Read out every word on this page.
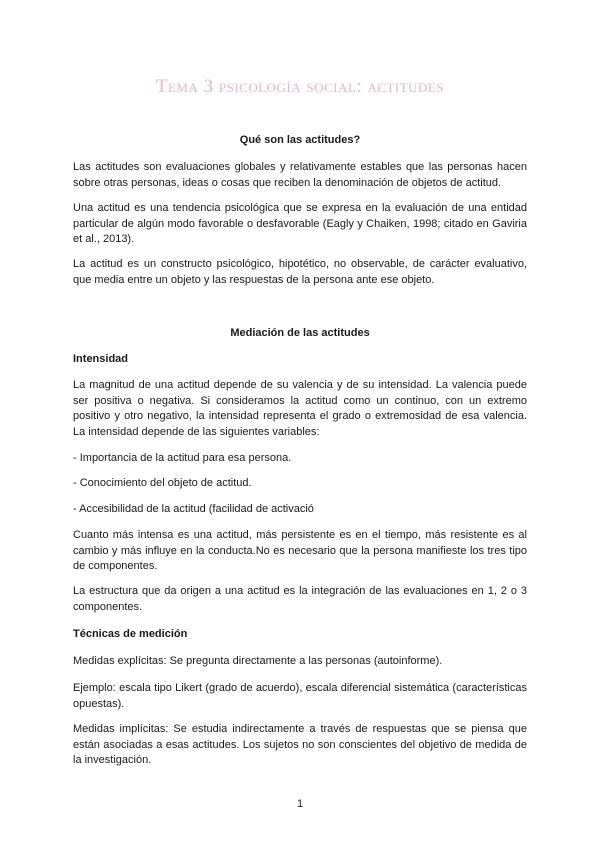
Tema 3 psicología social: actitudes

Qué son las actitudes?

Las actitudes son evaluaciones globales y relativamente estables que las personas hacen sobre otras personas, ideas o cosas que reciben la denominación de objetos de actitud.

Una actitud es una tendencia psicológica que se expresa en la evaluación de una entidad particular de algún modo favorable o desfavorable (Eagly y Chaiken, 1998; citado en Gaviria et al., 2013).

La actitud es un constructo psicológico, hipotético, no observable, de carácter evaluativo, que media entre un objeto y las respuestas de la persona ante ese objeto.

Mediación de las actitudes

Intensidad

La magnitud de una actitud depende de su valencia y de su intensidad. La valencia puede ser positiva o negativa. Si consideramos la actitud como un continuo, con un extremo positivo y otro negativo, la intensidad representa el grado o extremosidad de esa valencia. La intensidad depende de las siguientes variables:

- Importancia de la actitud para esa persona.

- Conocimiento del objeto de actitud.

- Accesibilidad de la actitud (facilidad de activació

Cuanto más intensa es una actitud, más persistente es en el tiempo, más resistente es al cambio y más influye en la conducta.No es necesario que la persona manifieste los tres tipo de componentes.

La estructura que da origen a una actitud es la integración de las evaluaciones en 1, 2 o 3 componentes.

Técnicas de medición

Medidas explícitas: Se pregunta directamente a las personas (autoinforme).

Ejemplo: escala tipo Likert (grado de acuerdo), escala diferencial sistemática (características opuestas).

Medidas implícitas: Se estudia indirectamente a través de respuestas que se piensa que están asociadas a esas actitudes. Los sujetos no son conscientes del objetivo de medida de la investigación.

1
